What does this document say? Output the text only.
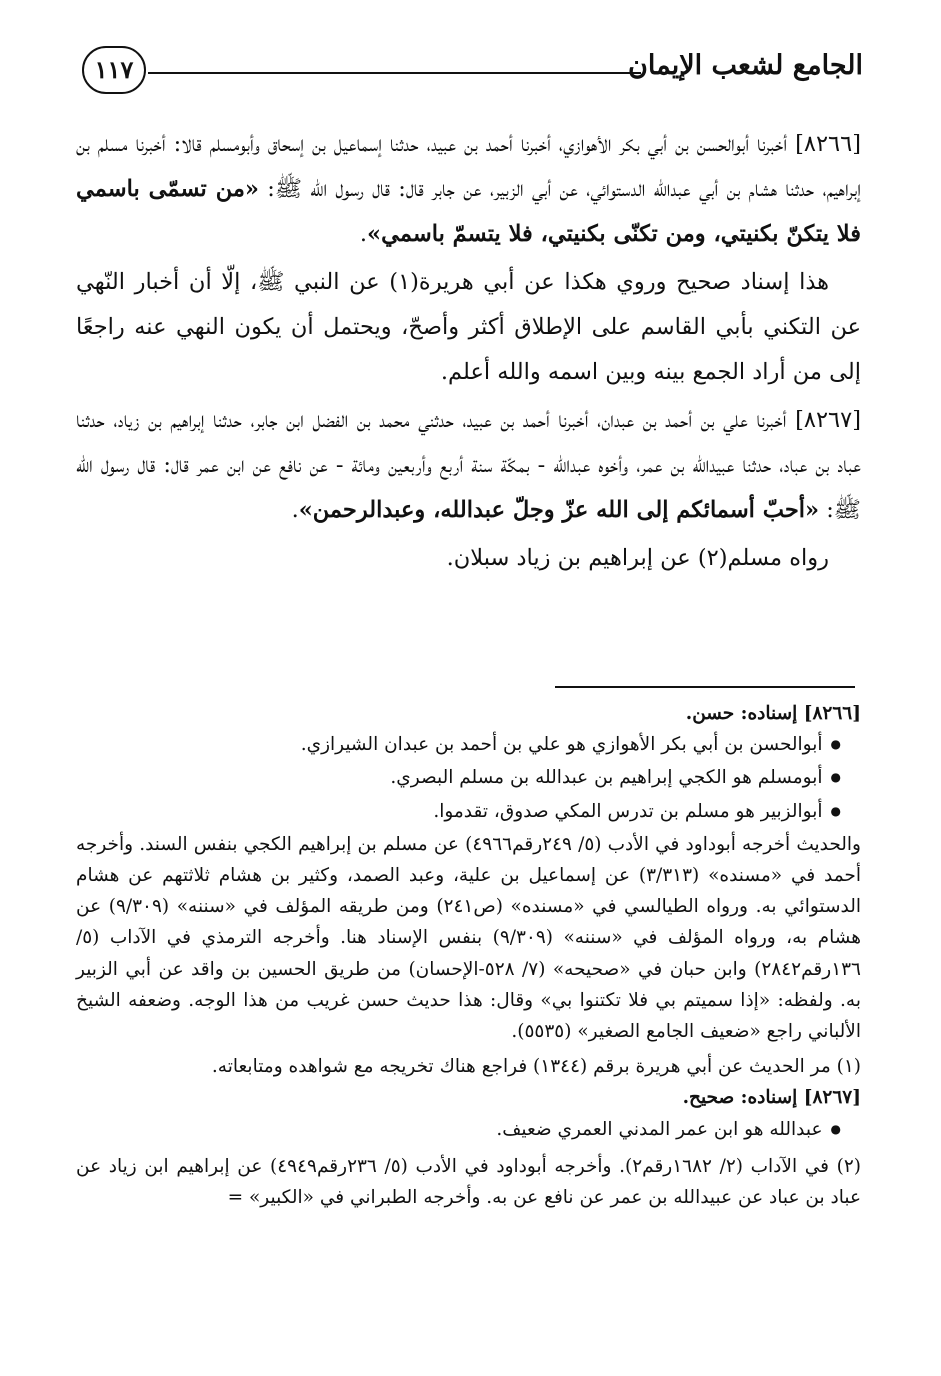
الجامع لشعب الإيمان
١١٧

[٨٢٦٦] أخبرنا أبوالحسن بن أبي بكر الأهوازي، أخبرنا أحمد بن عبيد، حدثنا إسماعيل بن إسحاق وأبومسلم قالا: أخبرنا مسلم بن إبراهيم، حدثنا هشام بن أبي عبدالله الدستوائي، عن أبي الزبير، عن جابر قال: قال رسول الله ﷺ: «من تسمّى باسمي فلا يتكنّ بكنيتي، ومن تكنّى بكنيتي، فلا يتسمّ باسمي».

هذا إسناد صحيح وروي هكذا عن أبي هريرة(١) عن النبي ﷺ، إلّا أن أخبار النّهي عن التكني بأبي القاسم على الإطلاق أكثر وأصحّ، ويحتمل أن يكون النهي عنه راجعًا إلى من أراد الجمع بينه وبين اسمه والله أعلم.

[٨٢٦٧] أخبرنا علي بن أحمد بن عبدان، أخبرنا أحمد بن عبيد، حدثني محمد بن الفضل ابن جابر، حدثنا إبراهيم بن زياد، حدثنا عباد بن عباد، حدثنا عبيدالله بن عمر، وأخوه عبدالله - بمكّة سنة أربع وأربعين ومائة - عن نافع عن ابن عمر قال: قال رسول الله ﷺ: «أحبّ أسمائكم إلى الله عزّ وجلّ عبدالله، وعبدالرحمن».

رواه مسلم(٢) عن إبراهيم بن زياد سبلان.

[٨٢٦٦] إسناده: حسن.

● أبوالحسن بن أبي بكر الأهوازي هو علي بن أحمد بن عبدان الشيرازي.
● أبومسلم هو الكجي إبراهيم بن عبدالله بن مسلم البصري.
● أبوالزبير هو مسلم بن تدرس المكي صدوق، تقدموا.

والحديث أخرجه أبوداود في الأدب (٥/ ٢٤٩رقم٤٩٦٦) عن مسلم بن إبراهيم الكجي بنفس السند. وأخرجه أحمد في «مسنده» (٣/٣١٣) عن إسماعيل بن علية، وعبد الصمد، وكثير بن هشام ثلاثتهم عن هشام الدستوائي به. ورواه الطيالسي في «مسنده» (ص٢٤١) ومن طريقه المؤلف في «سننه» (٩/٣٠٩) عن هشام به، ورواه المؤلف في «سننه» (٩/٣٠٩) بنفس الإسناد هنا. وأخرجه الترمذي في الآداب (٥/ ١٣٦رقم٢٨٤٢) وابن حبان في «صحيحه» (٧/ ٥٢٨-الإحسان) من طريق الحسين بن واقد عن أبي الزبير به. ولفظه: «إذا سميتم بي فلا تكتنوا بي» وقال: هذا حديث حسن غريب من هذا الوجه. وضعفه الشيخ الألباني راجع «ضعيف الجامع الصغير» (٥٥٣٥).

(١) مر الحديث عن أبي هريرة برقم (١٣٤٤) فراجع هناك تخريجه مع شواهده ومتابعاته.

[٨٢٦٧] إسناده: صحيح.

● عبدالله هو ابن عمر المدني العمري ضعيف.

(٢) في الآداب (٢/ ١٦٨٢رقم٢). وأخرجه أبوداود في الأدب (٥/ ٢٣٦رقم٤٩٤٩) عن إبراهيم ابن زياد عن عباد بن عباد عن عبيدالله بن عمر عن نافع عن به. وأخرجه الطبراني في «الكبير» =
